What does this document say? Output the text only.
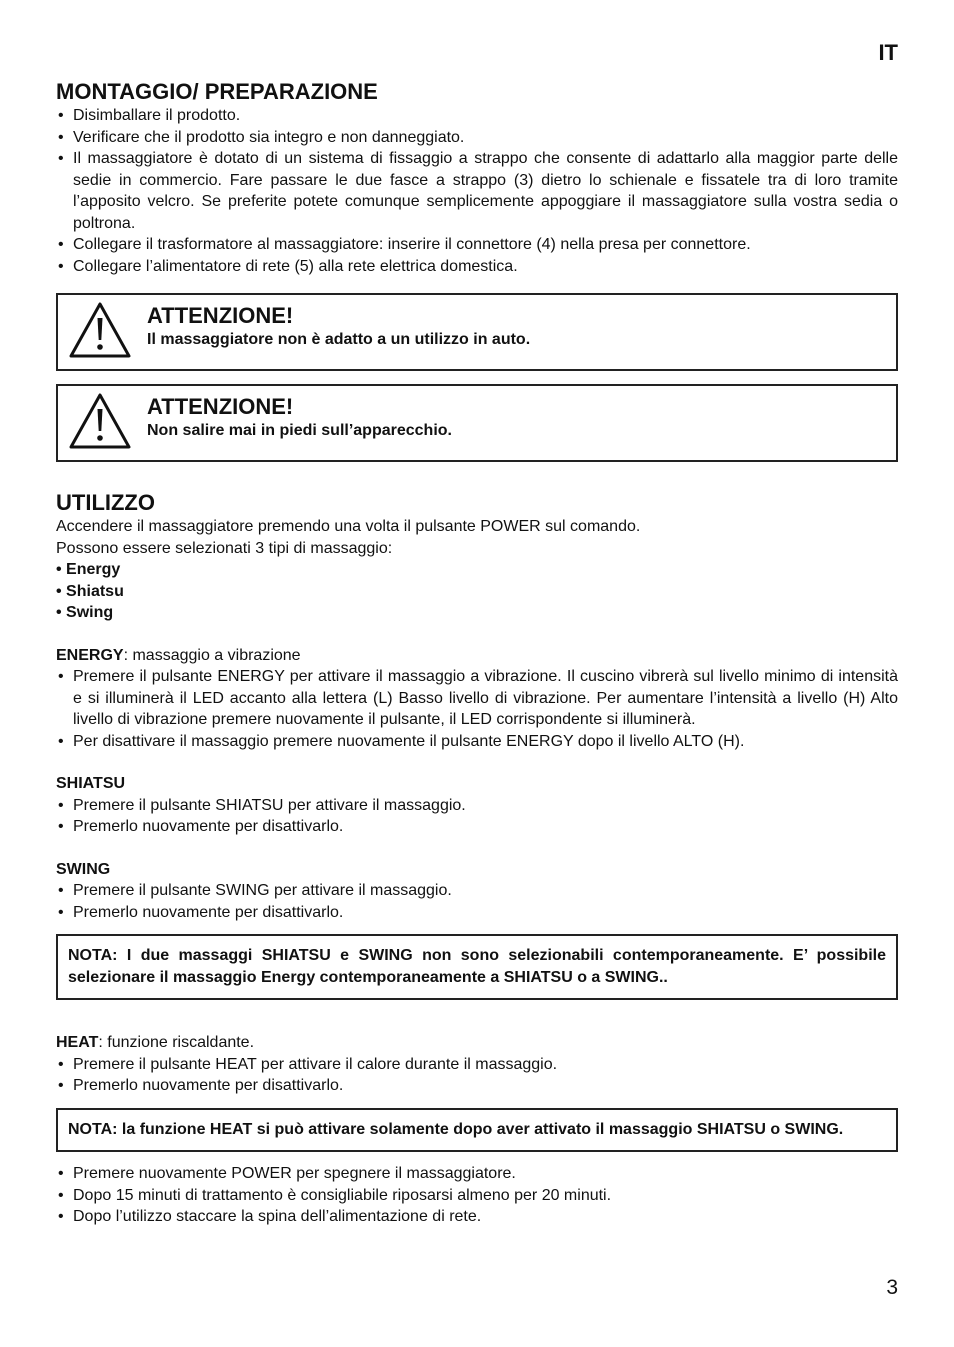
IT
MONTAGGIO/ PREPARAZIONE
• Disimballare il prodotto.
• Verificare che il prodotto sia integro e non danneggiato.
• Il massaggiatore è dotato di un sistema di fissaggio a strappo che consente di adattarlo alla maggior parte delle sedie in commercio. Fare passare le due fasce a strappo (3) dietro lo schienale e fissatele tra di loro tramite l’apposito velcro. Se preferite potete comunque semplicemente appoggiare il massaggiatore sulla vostra sedia o poltrona.
• Collegare il trasformatore al massaggiatore: inserire il connettore (4) nella presa per connettore.
• Collegare l’alimentatore di rete (5) alla rete elettrica domestica.
ATTENZIONE!
Il massaggiatore non è adatto a un utilizzo in auto.
ATTENZIONE!
Non salire mai in piedi sull’apparecchio.
UTILIZZO

Accendere il massaggiatore premendo una volta il pulsante POWER sul comando.

Possono essere selezionati 3 tipi di massaggio:

• Energy
• Shiatsu
• Swing

ENERGY: massaggio a vibrazione

• Premere il pulsante ENERGY per attivare il massaggio a vibrazione. Il cuscino vibrerà sul livello minimo di intensità e si illuminerà il LED accanto alla lettera (L) Basso livello di vibrazione. Per aumentare l’intensità a livello (H) Alto livello di vibrazione premere nuovamente il pulsante, il LED corrispondente si illuminerà.
• Per disattivare il massaggio premere nuovamente il pulsante ENERGY dopo il livello ALTO (H).

SHIATSU

• Premere il pulsante SHIATSU per attivare il massaggio.
• Premerlo nuovamente per disattivarlo.

SWING

• Premere il pulsante SWING per attivare il massaggio.
• Premerlo nuovamente per disattivarlo.
NOTA: I due massaggi SHIATSU e SWING non sono selezionabili contemporaneamente. E’ possibile selezionare il massaggio Energy contemporaneamente a SHIATSU o a SWING..

HEAT: funzione riscaldante.

• Premere il pulsante HEAT per attivare il calore durante il massaggio.
• Premerlo nuovamente per disattivarlo.
NOTA: la funzione HEAT si può attivare solamente dopo aver attivato il massaggio SHIATSU o SWING.
• Premere nuovamente POWER per spegnere il massaggiatore.
• Dopo 15 minuti di trattamento è consigliabile riposarsi almeno per 20 minuti.
• Dopo l’utilizzo staccare la spina dell’alimentazione di rete.
3
